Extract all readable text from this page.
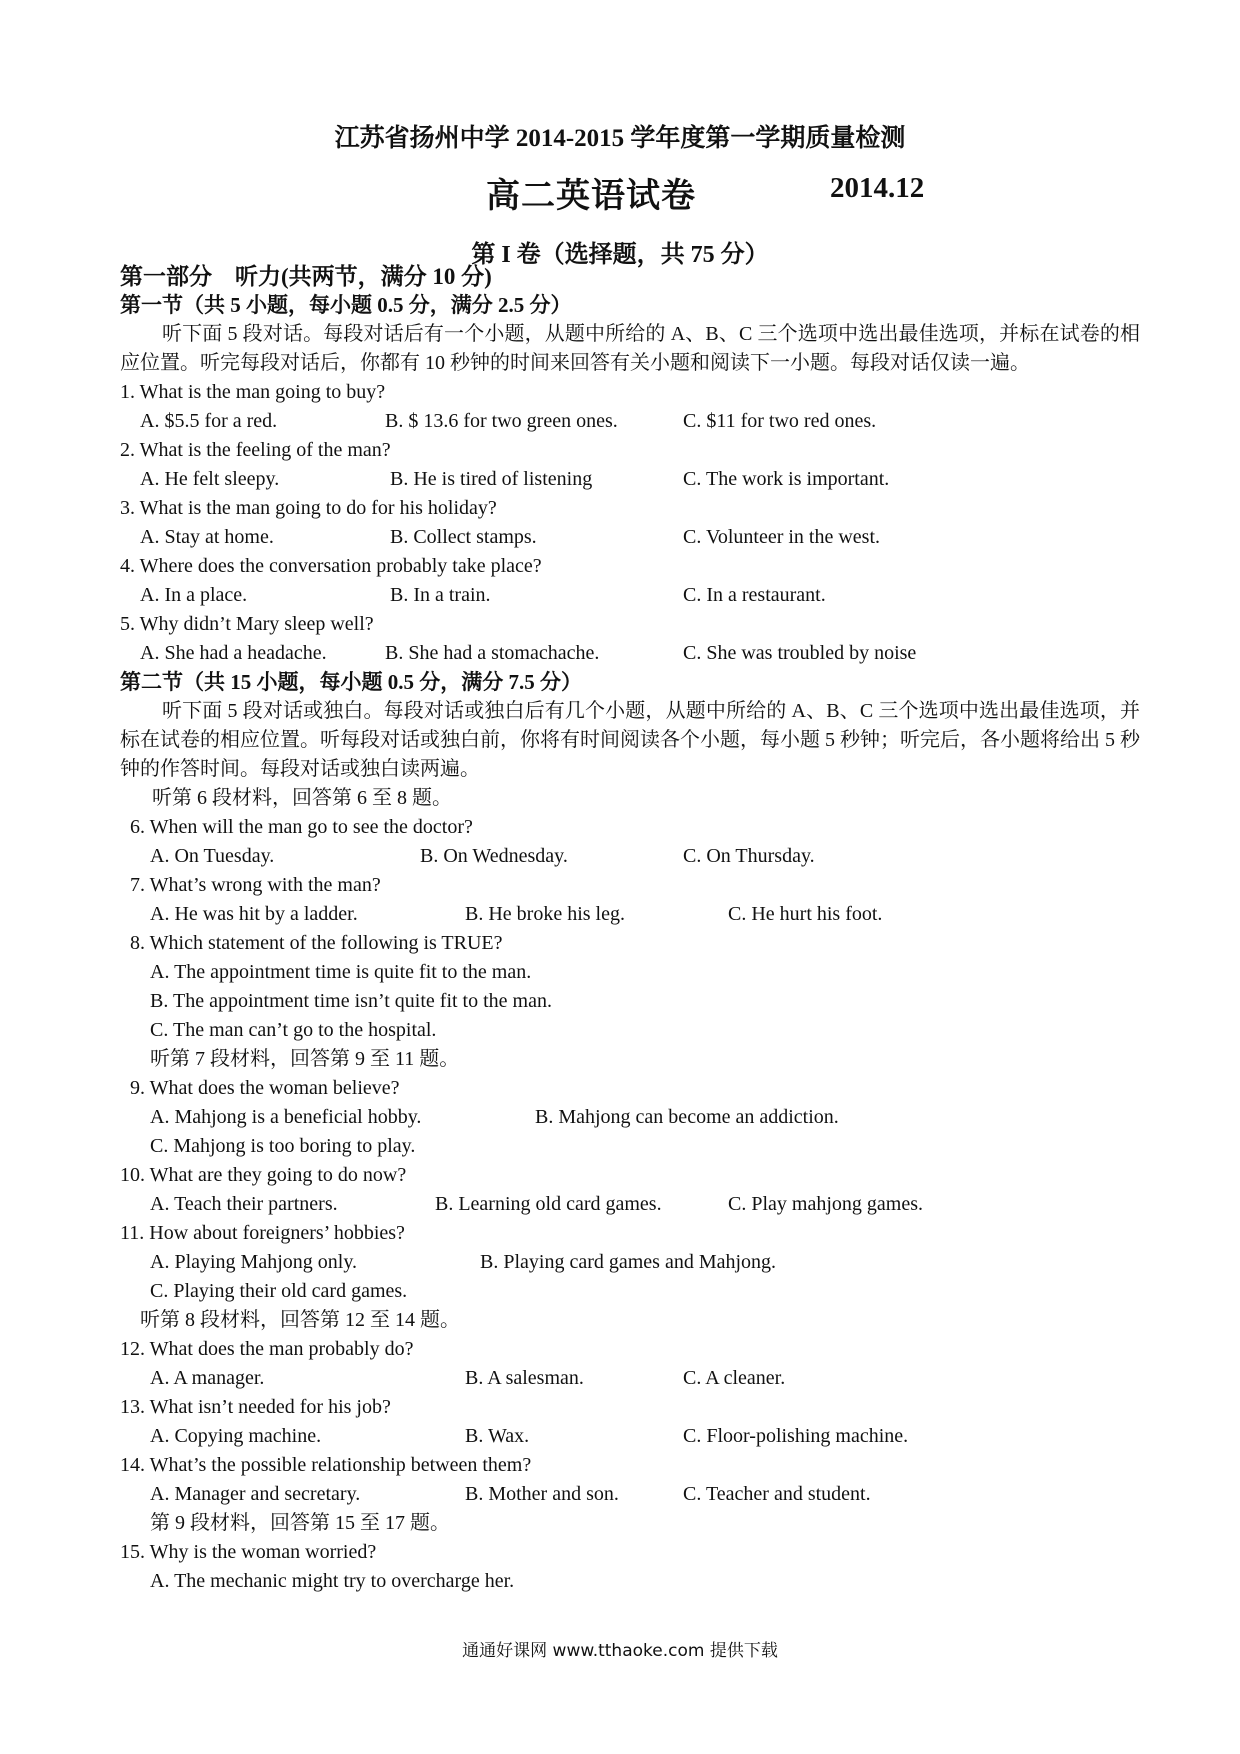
江苏省扬州中学 2014-2015 学年度第一学期质量检测
高二英语试卷	2014.12
第 I 卷（选择题，共 75 分）
第一部分　听力(共两节，满分 10 分)
第一节（共 5 小题，每小题 0.5 分，满分 2.5 分）

听下面 5 段对话。每段对话后有一个小题，从题中所给的 A、B、C 三个选项中选出最佳选项，并标在试卷的相应位置。听完每段对话后，你都有 10 秒钟的时间来回答有关小题和阅读下一小题。每段对话仅读一遍。

1. What is the man going to buy?
A. $5.5 for a red.	B. $ 13.6 for two green ones.	C. $11 for two red ones.
2. What is the feeling of the man?
A. He felt sleepy.	B. He is tired of listening	C. The work is important.
3. What is the man going to do for his holiday?
A. Stay at home.	B. Collect stamps.	C. Volunteer in the west.
4. Where does the conversation probably take place?
A. In a place.	B. In a train.	C. In a restaurant.
5. Why didn’t Mary sleep well?
A. She had a headache.	B. She had a stomachache.	C. She was troubled by noise
第二节（共 15 小题，每小题 0.5 分，满分 7.5 分）

听下面 5 段对话或独白。每段对话或独白后有几个小题，从题中所给的 A、B、C 三个选项中选出最佳选项，并标在试卷的相应位置。听每段对话或独白前，你将有时间阅读各个小题，每小题 5 秒钟；听完后，各小题将给出 5 秒钟的作答时间。每段对话或独白读两遍。

听第 6 段材料，回答第 6 至 8 题。
6. When will the man go to see the doctor?
A. On Tuesday.	B. On Wednesday.	C. On Thursday.
7. What’s wrong with the man?
A. He was hit by a ladder.	B. He broke his leg.	C. He hurt his foot.
8. Which statement of the following is TRUE?
A. The appointment time is quite fit to the man.
B. The appointment time isn’t quite fit to the man.
C. The man can’t go to the hospital.
听第 7 段材料，回答第 9 至 11 题。
9. What does the woman believe?
A. Mahjong is a beneficial hobby.	B. Mahjong can become an addiction.
C. Mahjong is too boring to play.
10. What are they going to do now?
A. Teach their partners.	B. Learning old card games.	C. Play mahjong games.
11. How about foreigners’ hobbies?
A. Playing Mahjong only.	B. Playing card games and Mahjong.
C. Playing their old card games.
听第 8 段材料，回答第 12 至 14 题。
12. What does the man probably do?
A. A manager.	B. A salesman.	C. A cleaner.
13. What isn’t needed for his job?
A. Copying machine.	B. Wax.	C. Floor-polishing machine.
14. What’s the possible relationship between them?
A. Manager and secretary.	B. Mother and son.	C. Teacher and student.
第 9 段材料，回答第 15 至 17 题。
15. Why is the woman worried?
A. The mechanic might try to overcharge her.
通通好课网 www.tthaoke.com 提供下载
